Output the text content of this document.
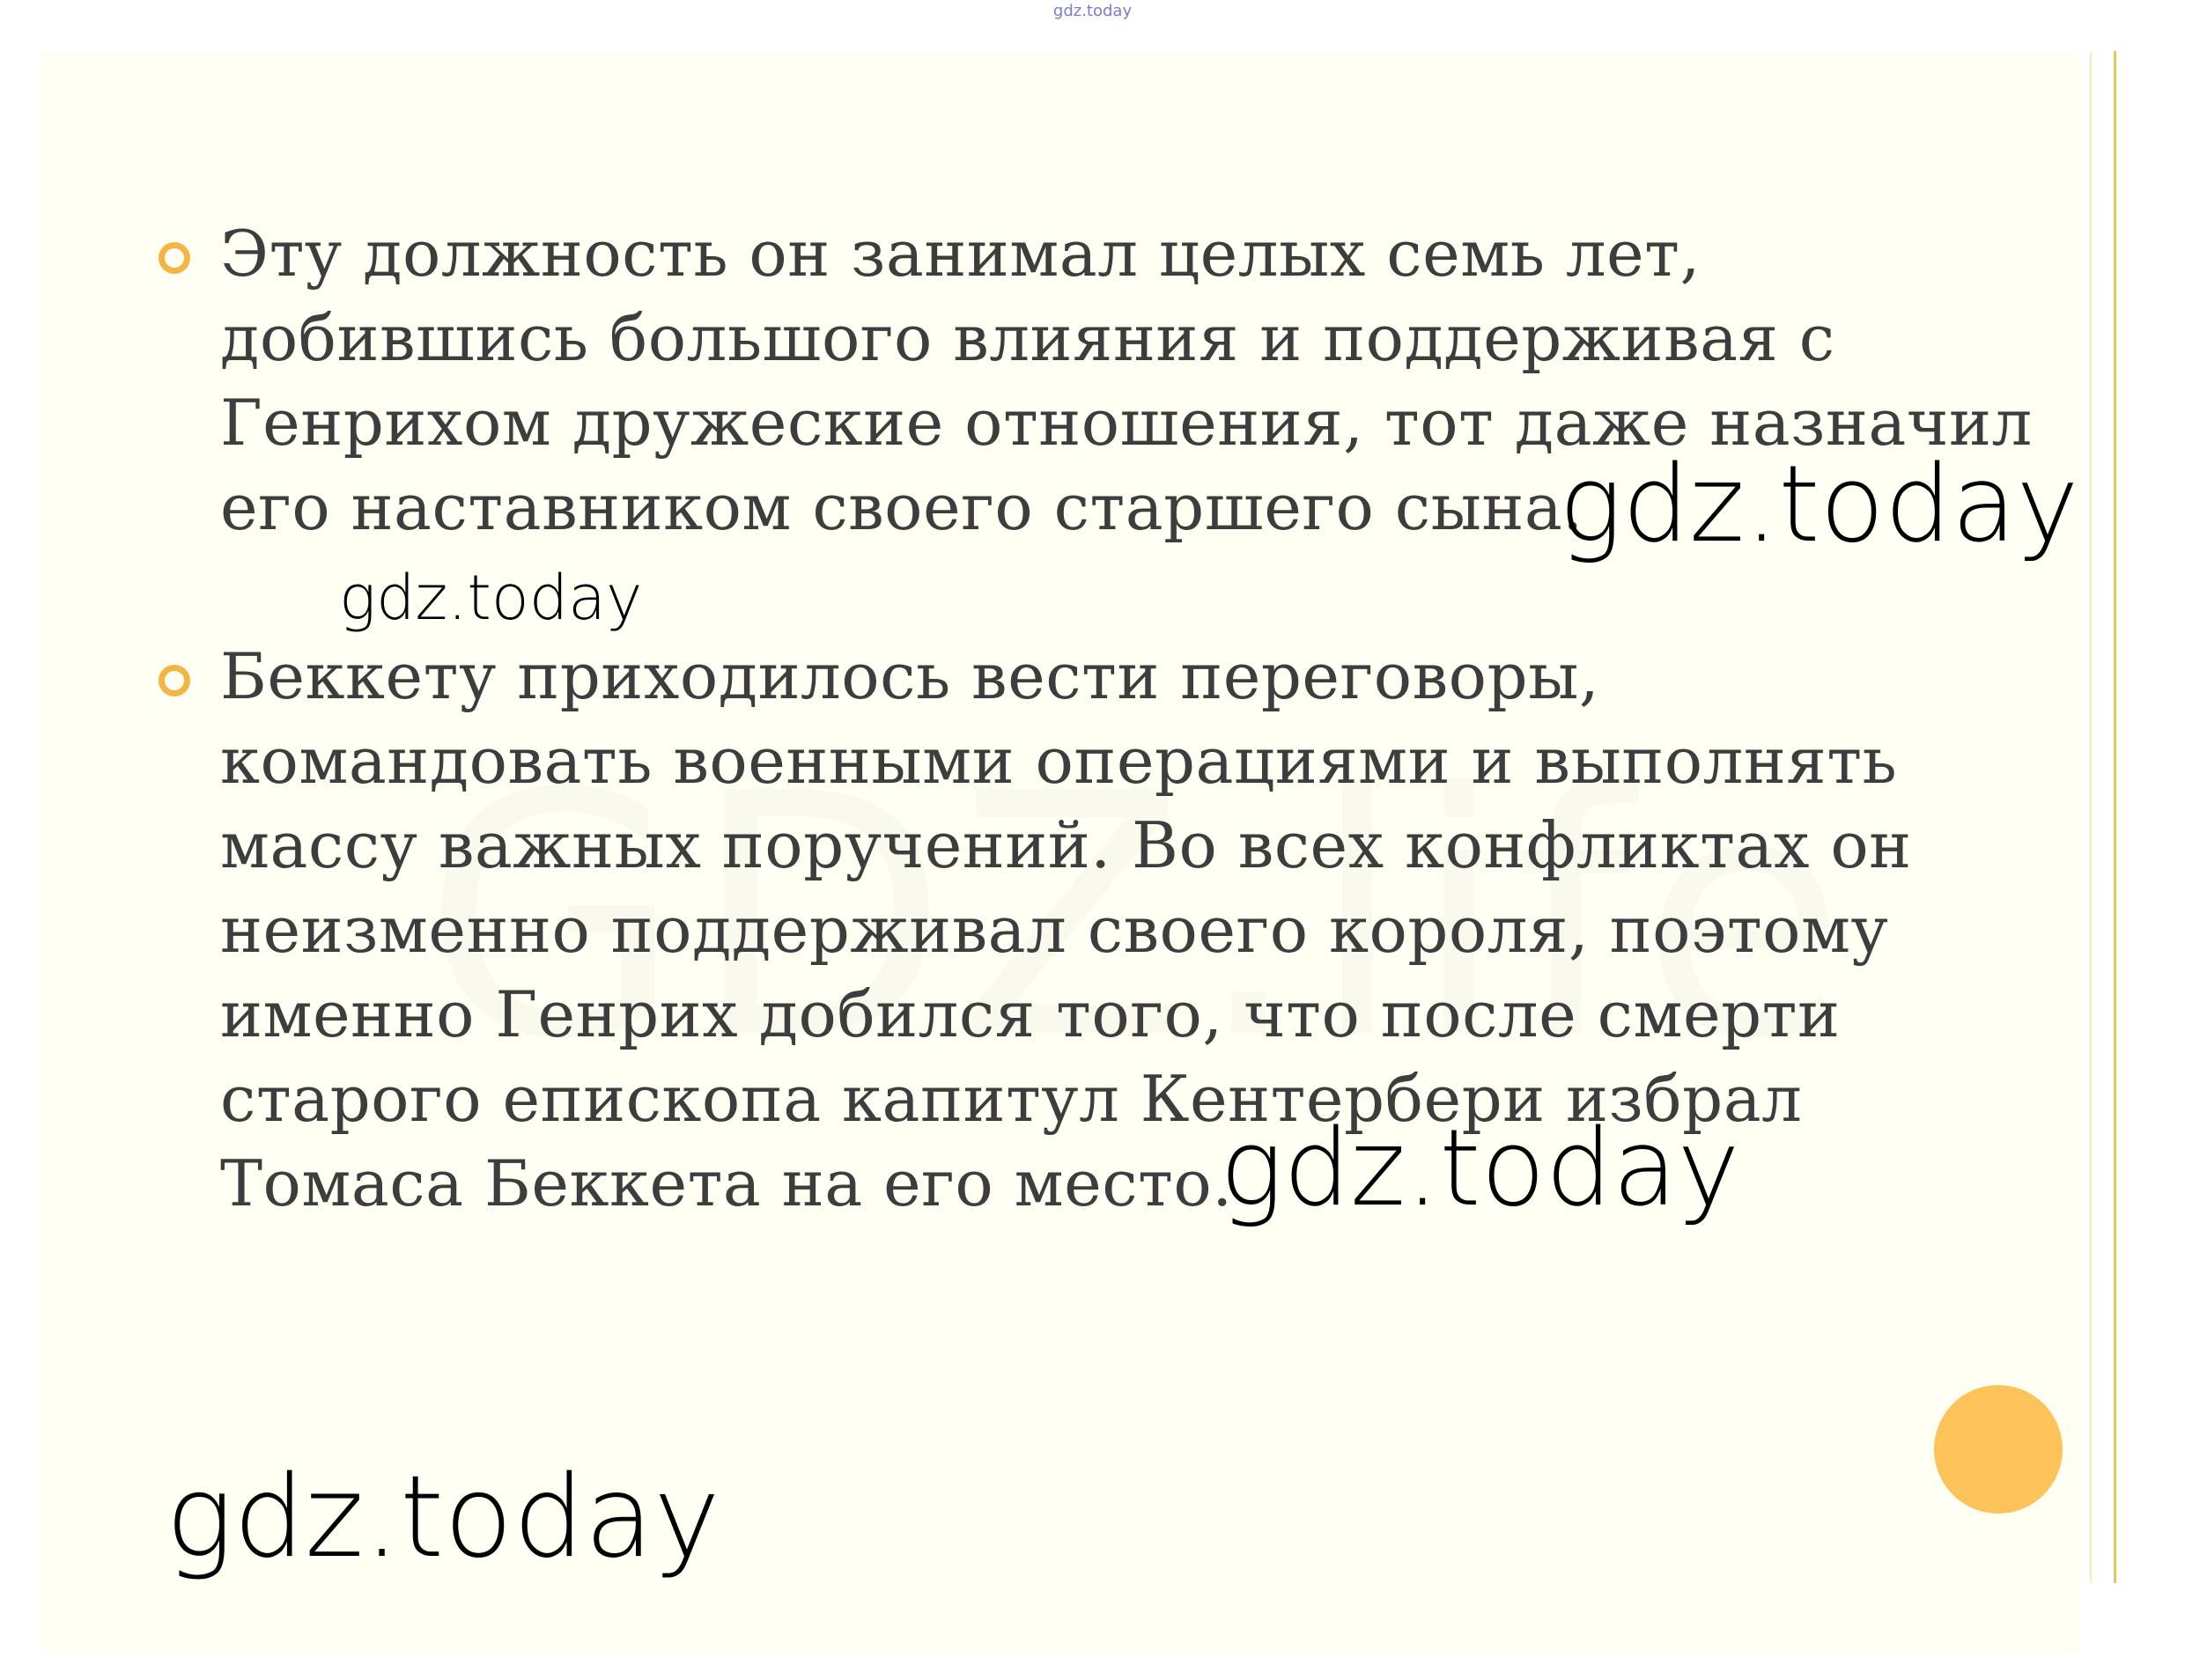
gdz.today
Эту должность он занимал целых семь лет,
добившись большого влияния и поддерживая с
Генрихом дружеские отношения, тот даже назначил
его наставником своего старшего сына.
Беккету приходилось вести переговоры,
командовать военными операциями и выполнять
массу важных поручений. Во всех конфликтах он
неизменно поддерживал своего короля, поэтому
именно Генрих добился того, что после смерти
старого епископа капитул Кентербери избрал
Томаса Беккета на его место.
gdz.today
gdz.today
gdz.today
gdz.today
